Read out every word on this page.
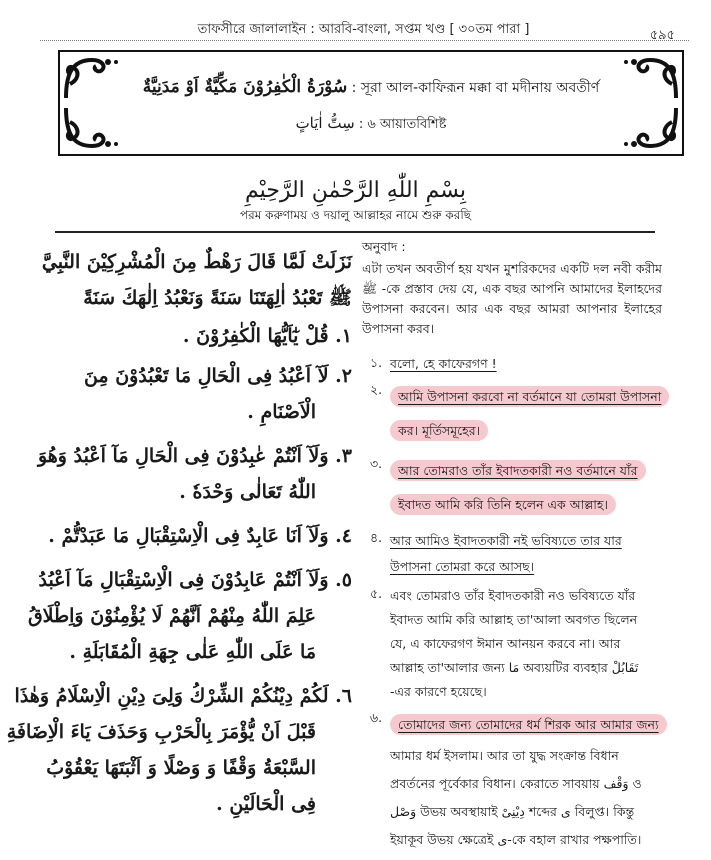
তাফসীরে জালালাইন : আরবি-বাংলা, সপ্তম খণ্ড [ ৩০তম পারা ]	৫৯৫
سُوْرَةُ الْكٰفِرُوْنَ مَكِّيَّةٌ اَوْ مَدَنِيَّةٌ : সূরা আল-কাফিরূন মক্কা বা মদীনায় অবতীর্ণ
سِتُّ اٰيَاتٍ : ৬ আয়াতবিশিষ্ট
بِسْمِ اللّٰهِ الرَّحْمٰنِ الرَّحِيْمِ
পরম করুণাময় ও দয়ালু আল্লাহর নামে শুরু করছি
نَزَلَتْ لَمَّا قَالَ رَهْطٌ مِنَ الْمُشْرِكِيْنَ النَّبِيَّ
ﷺ تَعْبُدُ اٰلِهَتَنَا سَنَةً وَنَعْبُدُ اِلٰهَكَ سَنَةً
١. قُلْ يٰٓاَيُّهَا الْكٰفِرُوْنَ .
٢. لَآ اَعْبُدُ فِى الْحَالِ مَا تَعْبُدُوْنَ مِنَ
الْاَصْنَامِ .
٣. وَلَآ اَنْتُمْ عٰبِدُوْنَ فِى الْحَالِ مَآ اَعْبُدُ وَهُوَ
اللّٰهُ تَعَالٰى وَحْدَهٗ .
٤. وَلَآ اَنَا عَابِدٌ فِى الْاِسْتِقْبَالِ مَا عَبَدْتُّمْ .
٥. وَلَآ اَنْتُمْ عَابِدُوْنَ فِى الْاِسْتِقْبَالِ مَآ اَعْبُدُ
عَلِمَ اللّٰهُ مِنْهُمْ اَنَّهُمْ لَا يُؤْمِنُوْنَ وَاِطْلَاقُ
مَا عَلَى اللّٰهِ عَلٰى جِهَةِ الْمُقَابَلَةِ .
٦. لَكُمْ دِيْنُكُمْ الشِّرْكُ وَلِىَ دِيْنِ الْاِسْلَامُ وَهٰذَا
قَبْلَ اَنْ يُّؤْمَرَ بِالْحَرْبِ وَحَذَفَ يَاءَ الْاِضَافَةِ
السَّبْعَةُ وَقْفًا وَ وَصْلًا وَ اَثْبَتَهَا يَعْقُوْبُ
فِى الْحَالَيْنِ .
অনুবাদ :

এটা তখন অবতীর্ণ হয় যখন মুশরিকদের একটি দল নবী করীম ﷺ -কে প্রস্তাব দেয় যে, এক বছর আপনি আমাদের ইলাহদের উপাসনা করবেন। আর এক বছর আমরা আপনার ইলাহের উপাসনা করব।

১. বলো, হে কাফেরগণ !
২.	আমি উপাসনা করবো না বর্তমানে যা তোমরা উপাসনা
কর। মূর্তিসমূহের।
৩.	আর তোমরাও তাঁর ইবাদতকারী নও বর্তমানে যাঁর
ইবাদত আমি করি তিনি হলেন এক আল্লাহ।
৪. আর আমিও ইবাদতকারী নই ভবিষ্যতে তার যার
উপাসনা তোমরা করে আসছ।
৫. এবং তোমরাও তাঁর ইবাদতকারী নও ভবিষ্যতে যাঁর
ইবাদত আমি করি আল্লাহ তা'আলা অবগত ছিলেন
যে, এ কাফেরগণ ঈমান আনয়ন করবে না। আর
আল্লাহ তা'আলার জন্য مَا অব্যয়টির ব্যবহার تَقَابُلْ
-এর কারণে হয়েছে।
৬.	তোমাদের জন্য তোমাদের ধর্ম শিরক আর আমার জন্য
আমার ধর্ম ইসলাম। আর তা যুদ্ধ সংক্রান্ত বিধান
প্রবর্তনের পূর্বেকার বিধান। কেরাতে সাবয়ায় وَقْف ও
وَصْل উভয় অবস্থায়াই دِيْنِىْ শব্দের ى বিলুপ্ত। কিন্তু
ইয়াকূব উভয় ক্ষেত্রেই ى-কে বহাল রাখার পক্ষপাতি।
